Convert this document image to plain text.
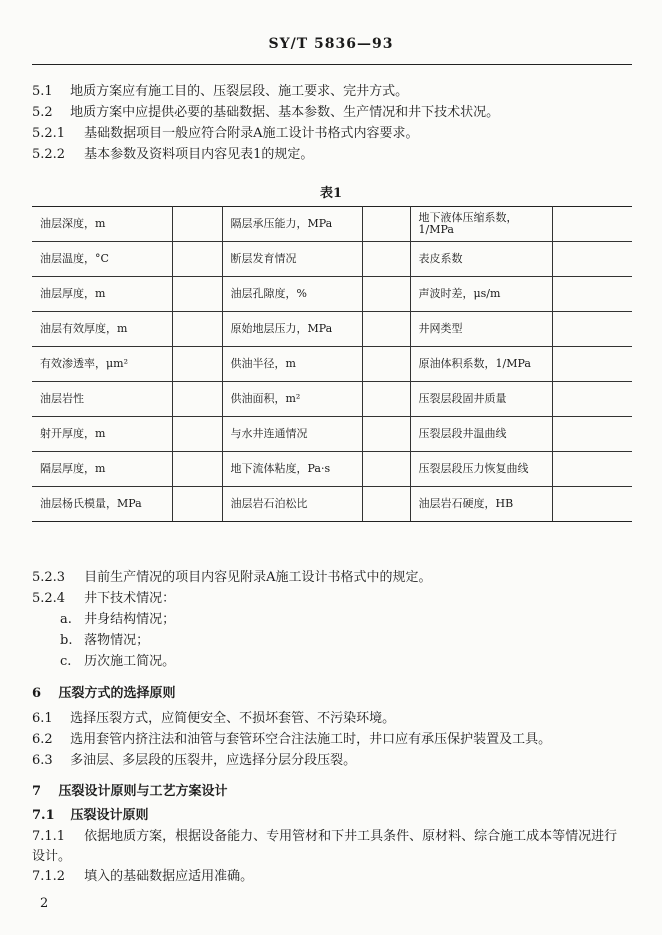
SY/T 5836—93
5.1 地质方案应有施工目的、压裂层段、施工要求、完井方式。
5.2 地质方案中应提供必要的基础数据、基本参数、生产情况和井下技术状况。
5.2.1 基础数据项目一般应符合附录A施工设计书格式内容要求。
5.2.2 基本参数及资料项目内容见表1的规定。
表1
油层深度，m		隔层承压能力，MPa		地下液体压缩系数，1/MPa	
油层温度，°C		断层发育情况		表皮系数	
油层厚度，m		油层孔隙度，%		声波时差，μs/m	
油层有效厚度，m		原始地层压力，MPa		井网类型	
有效渗透率，μm²		供油半径，m		原油体积系数，1/MPa	
油层岩性		供油面积，m²		压裂层段固井质量	
射开厚度，m		与水井连通情况		压裂层段井温曲线	
隔层厚度，m		地下流体粘度，Pa·s		压裂层段压力恢复曲线	
油层杨氏模量，MPa		油层岩石泊松比		油层岩石硬度，HB	
5.2.3 目前生产情况的项目内容见附录A施工设计书格式中的规定。
5.2.4 井下技术情况：
a. 井身结构情况；
b. 落物情况；
c. 历次施工简况。
6 压裂方式的选择原则
6.1 选择压裂方式，应简便安全、不损坏套管、不污染环境。
6.2 选用套管内挤注法和油管与套管环空合注法施工时，井口应有承压保护装置及工具。
6.3 多油层、多层段的压裂井，应选择分层分段压裂。
7 压裂设计原则与工艺方案设计
7.1 压裂设计原则
7.1.1 依据地质方案，根据设备能力、专用管材和下井工具条件、原材料、综合施工成本等情况进行
设计。
7.1.2 填入的基础数据应适用准确。
2
